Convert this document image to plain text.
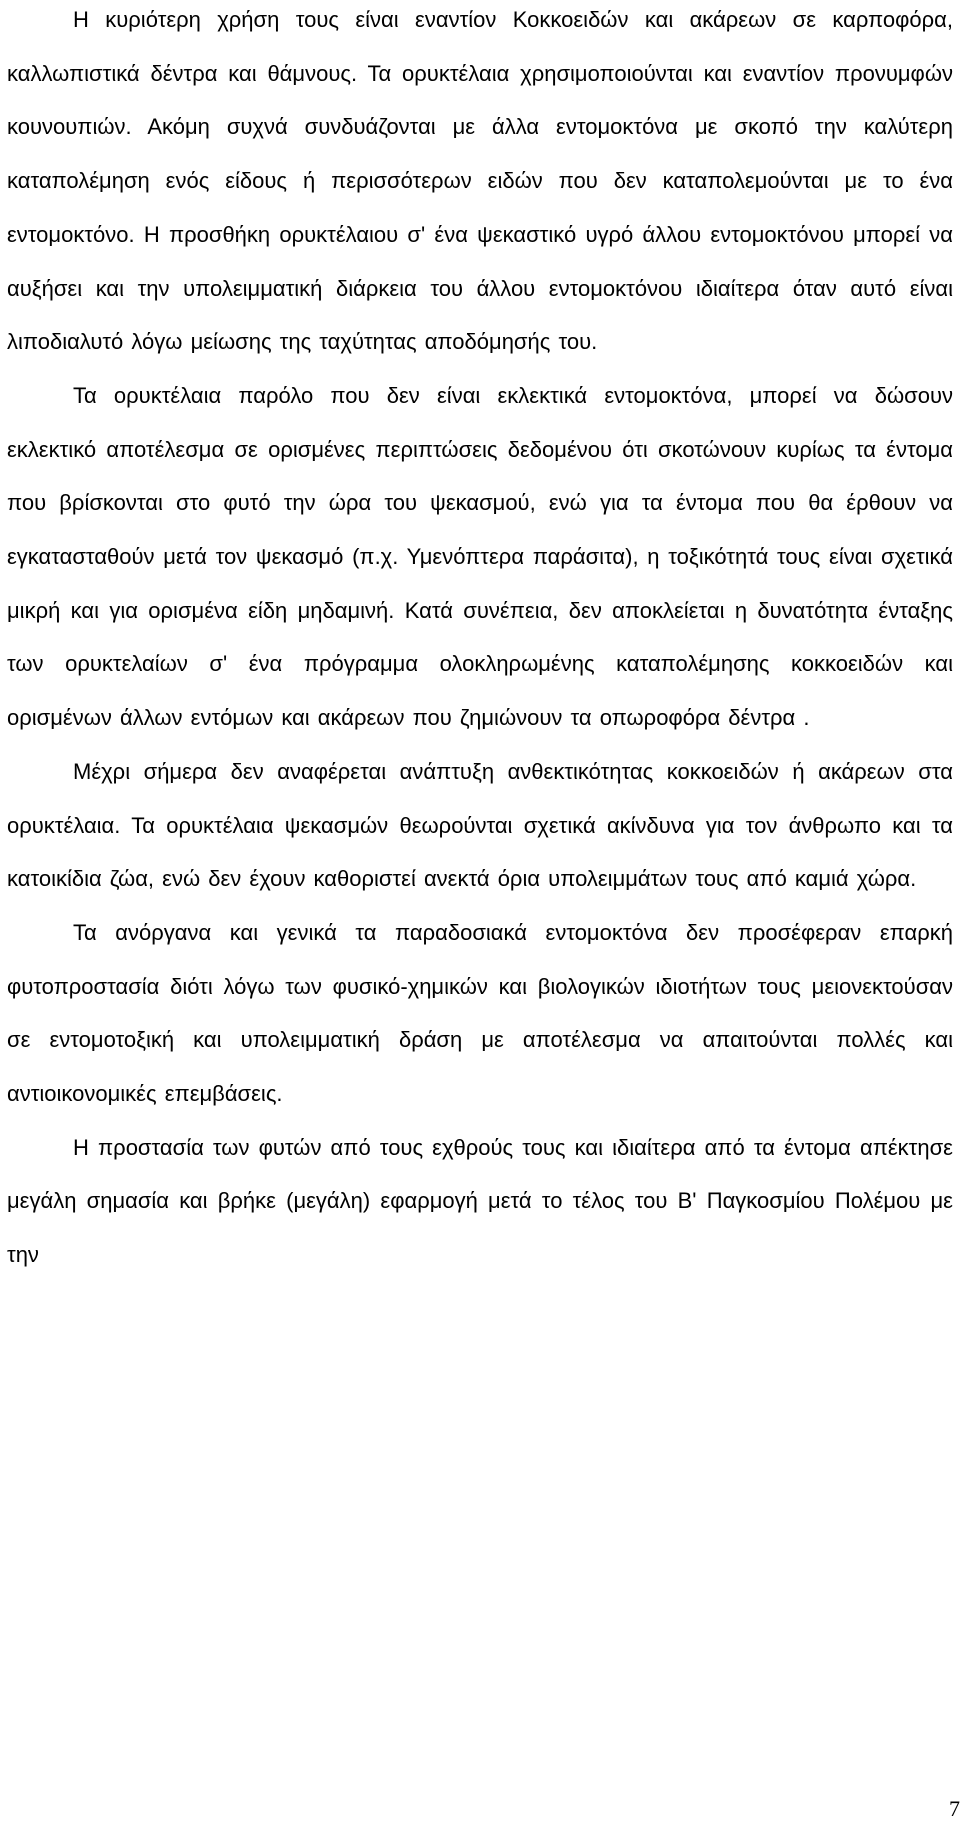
Η κυριότερη χρήση τους είναι εναντίον Κοκκοειδών και ακάρεων σε καρποφόρα, καλλωπιστικά δέντρα και θάμνους. Τα ορυκτέλαια χρησιμοποιούνται και εναντίον προνυμφών κουνουπιών. Ακόμη συχνά συνδυάζονται με άλλα εντομοκτόνα με σκοπό την καλύτερη καταπολέμηση ενός είδους ή περισσότερων ειδών που δεν καταπολεμούνται με το ένα εντομοκτόνο. Η προσθήκη ορυκτέλαιου σ' ένα ψεκαστικό υγρό άλλου εντομοκτόνου μπορεί να αυξήσει και την υπολειμματική διάρκεια του άλλου εντομοκτόνου ιδιαίτερα όταν αυτό είναι λιποδιαλυτό λόγω μείωσης της ταχύτητας αποδόμησής του.

Τα ορυκτέλαια παρόλο που δεν είναι εκλεκτικά εντομοκτόνα, μπορεί να δώσουν εκλεκτικό αποτέλεσμα σε ορισμένες περιπτώσεις δεδομένου ότι σκοτώνουν κυρίως τα έντομα που βρίσκονται στο φυτό την ώρα του ψεκασμού, ενώ για τα έντομα που θα έρθουν να εγκατασταθούν μετά τον ψεκασμό (π.χ. Υμενόπτερα παράσιτα), η τοξικότητά τους είναι σχετικά μικρή και για ορισμένα είδη μηδαμινή. Κατά συνέπεια, δεν αποκλείεται η δυνατότητα ένταξης των ορυκτελαίων σ' ένα πρόγραμμα ολοκληρωμένης καταπολέμησης κοκκοειδών και ορισμένων άλλων εντόμων και ακάρεων που ζημιώνουν τα οπωροφόρα δέντρα .

Μέχρι σήμερα δεν αναφέρεται ανάπτυξη ανθεκτικότητας κοκκοειδών ή ακάρεων στα ορυκτέλαια. Τα ορυκτέλαια ψεκασμών θεωρούνται σχετικά ακίνδυνα για τον άνθρωπο και τα κατοικίδια ζώα, ενώ δεν έχουν καθοριστεί ανεκτά όρια υπολειμμάτων τους από καμιά χώρα.

Τα ανόργανα και γενικά τα παραδοσιακά εντομοκτόνα δεν προσέφεραν επαρκή φυτοπροστασία διότι λόγω των φυσικό-χημικών και βιολογικών ιδιοτήτων τους μειονεκτούσαν σε εντομοτοξική και υπολειμματική δράση με αποτέλεσμα να απαιτούνται πολλές και αντιοικονομικές επεμβάσεις.

Η προστασία των φυτών από τους εχθρούς τους και ιδιαίτερα από τα έντομα απέκτησε μεγάλη σημασία και βρήκε (μεγάλη) εφαρμογή μετά το τέλος του Β' Παγκοσμίου Πολέμου με την

7
